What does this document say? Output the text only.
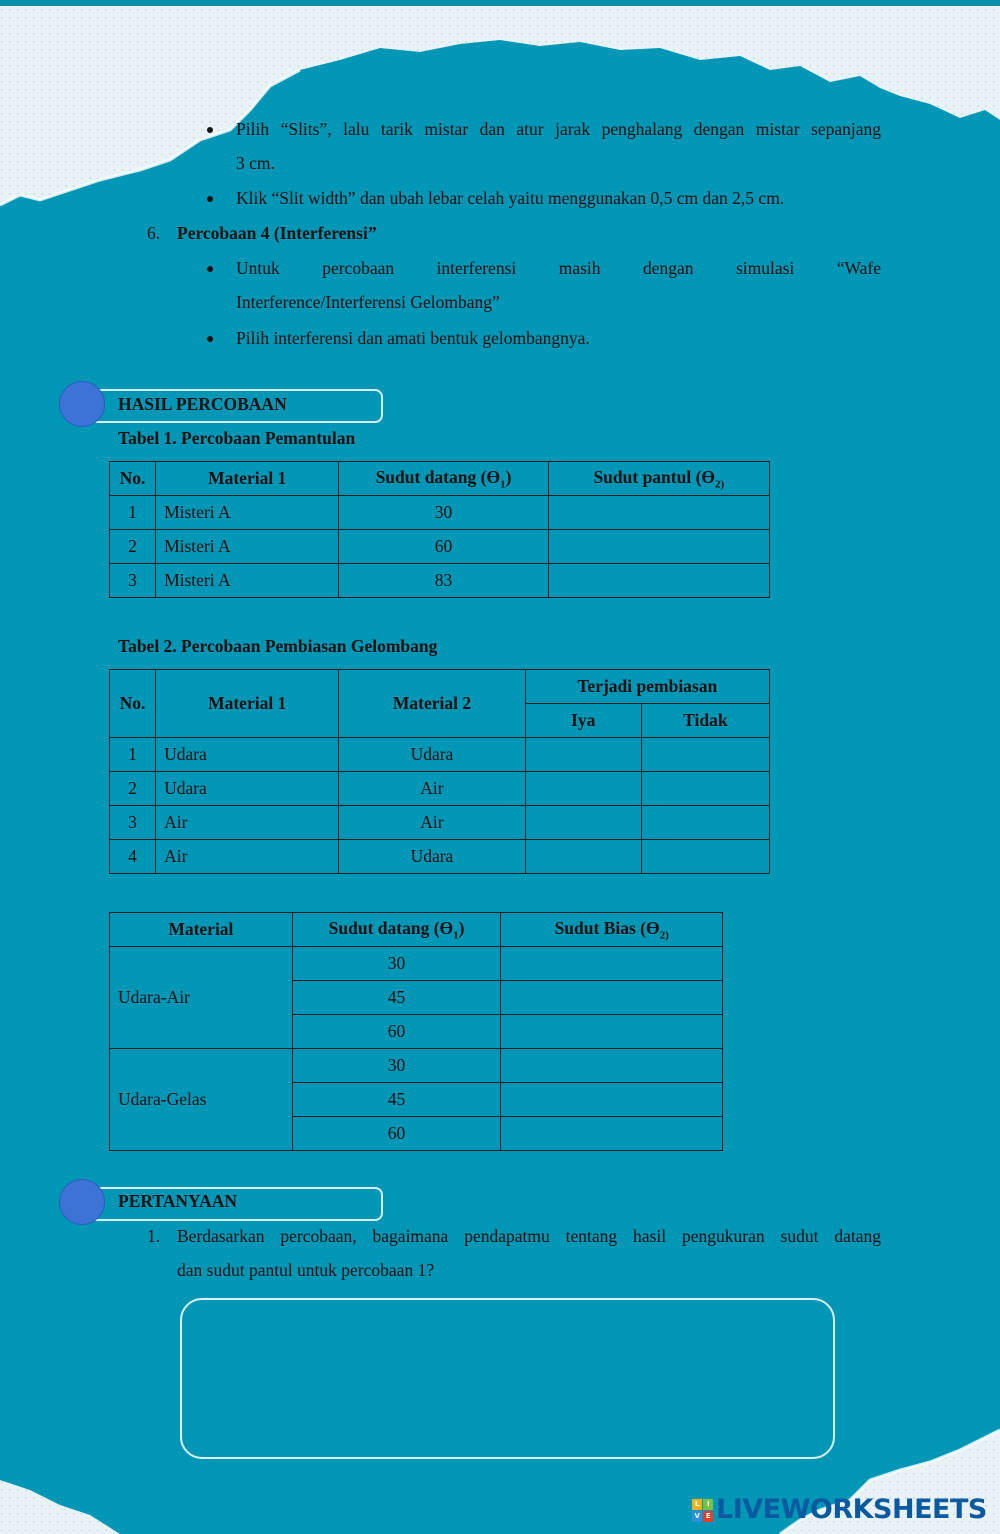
Pilih “Slits”, lalu tarik mistar dan atur jarak penghalang dengan mistar sepanjang
3 cm.
Klik “Slit width” dan ubah lebar celah yaitu menggunakan 0,5 cm dan 2,5 cm.
6. Percobaan 4 (Interferensi”
Untuk percobaan interferensi masih dengan simulasi “Wafe
Interference/Interferensi Gelombang”
Pilih interferensi dan amati bentuk gelombangnya.
HASIL PERCOBAAN
Tabel 1. Percobaan Pemantulan
No.	Material 1	Sudut datang $(Ɵ_1)$	Sudut pantul ($Ɵ_{2)}$
1	Misteri A	30	
2	Misteri A	60	
3	Misteri A	83	
Tabel 2. Percobaan Pembiasan Gelombang
No.	Material 1	Material 2	Terjadi pembiasan	
			Iya	Tidak
1	Udara	Udara		
2	Udara	Air		
3	Air	Air		
4	Air	Udara		
Material	Sudut datang $(Ɵ_1)$	Sudut Bias ($Ɵ_{2)}$
Udara-Air	30	
	45	
	60	
Udara-Gelas	30	
	45	
	60	
PERTANYAAN
1. Berdasarkan percobaan, bagaimana pendapatmu tentang hasil pengukuran sudut datang
dan sudut pantul untuk percobaan 1?
L	I
V E LIVEWORKSHEETS
